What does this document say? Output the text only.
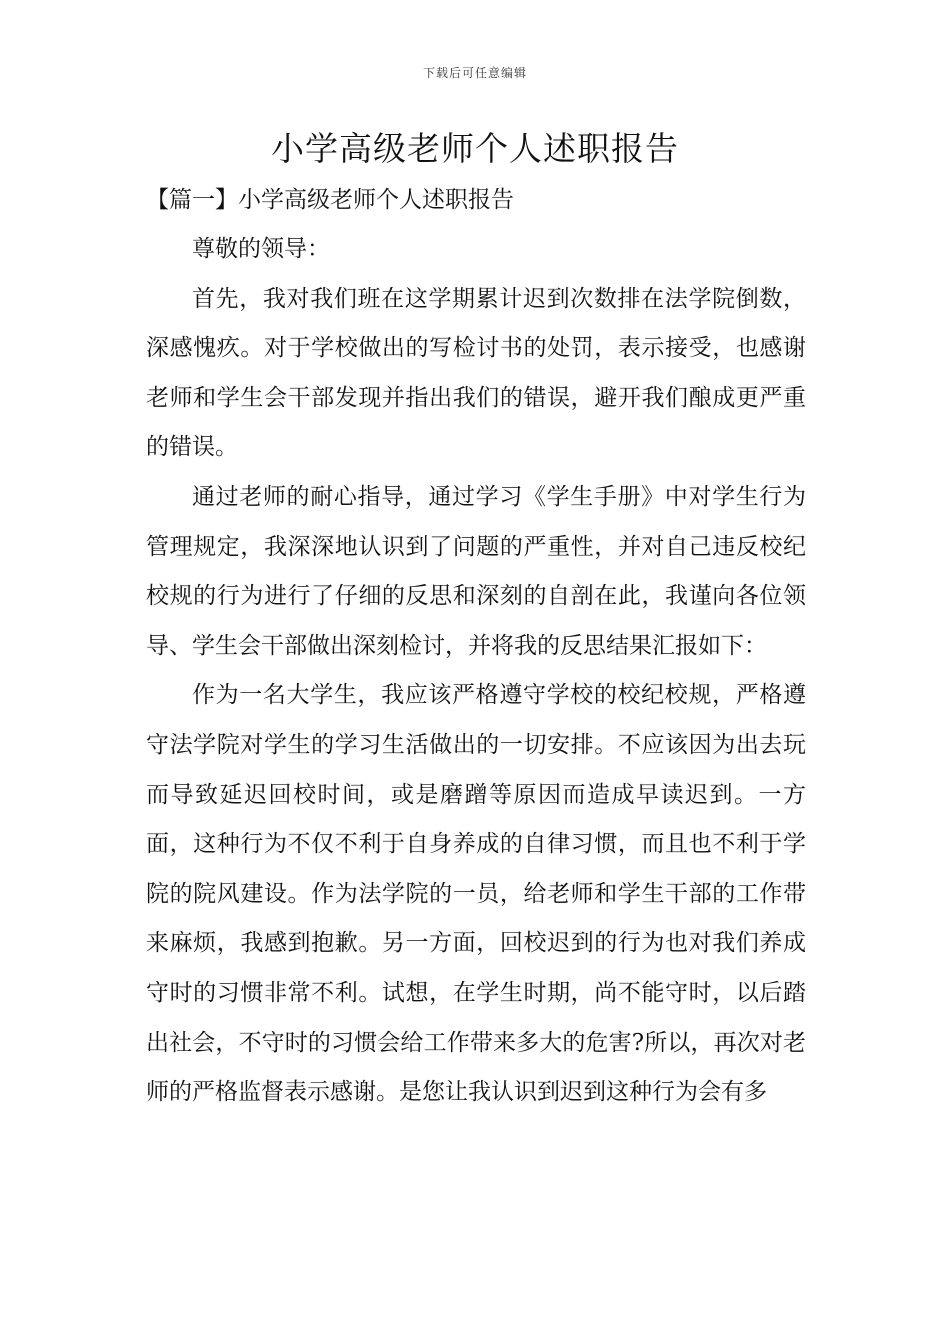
下载后可任意编辑
小学高级老师个人述职报告
【篇一】小学高级老师个人述职报告

尊敬的领导：

首先，我对我们班在这学期累计迟到次数排在法学院倒数，深感愧疚。对于学校做出的写检讨书的处罚，表示接受，也感谢老师和学生会干部发现并指出我们的错误，避开我们酿成更严重的错误。

通过老师的耐心指导，通过学习《学生手册》中对学生行为管理规定，我深深地认识到了问题的严重性，并对自己违反校纪校规的行为进行了仔细的反思和深刻的自剖在此，我谨向各位领导、学生会干部做出深刻检讨，并将我的反思结果汇报如下：

作为一名大学生，我应该严格遵守学校的校纪校规，严格遵守法学院对学生的学习生活做出的一切安排。不应该因为出去玩而导致延迟回校时间，或是磨蹭等原因而造成早读迟到。一方面，这种行为不仅不利于自身养成的自律习惯，而且也不利于学院的院风建设。作为法学院的一员，给老师和学生干部的工作带来麻烦，我感到抱歉。另一方面，回校迟到的行为也对我们养成守时的习惯非常不利。试想，在学生时期，尚不能守时，以后踏出社会，不守时的习惯会给工作带来多大的危害?所以，再次对老师的严格监督表示感谢。是您让我认识到迟到这种行为会有多
